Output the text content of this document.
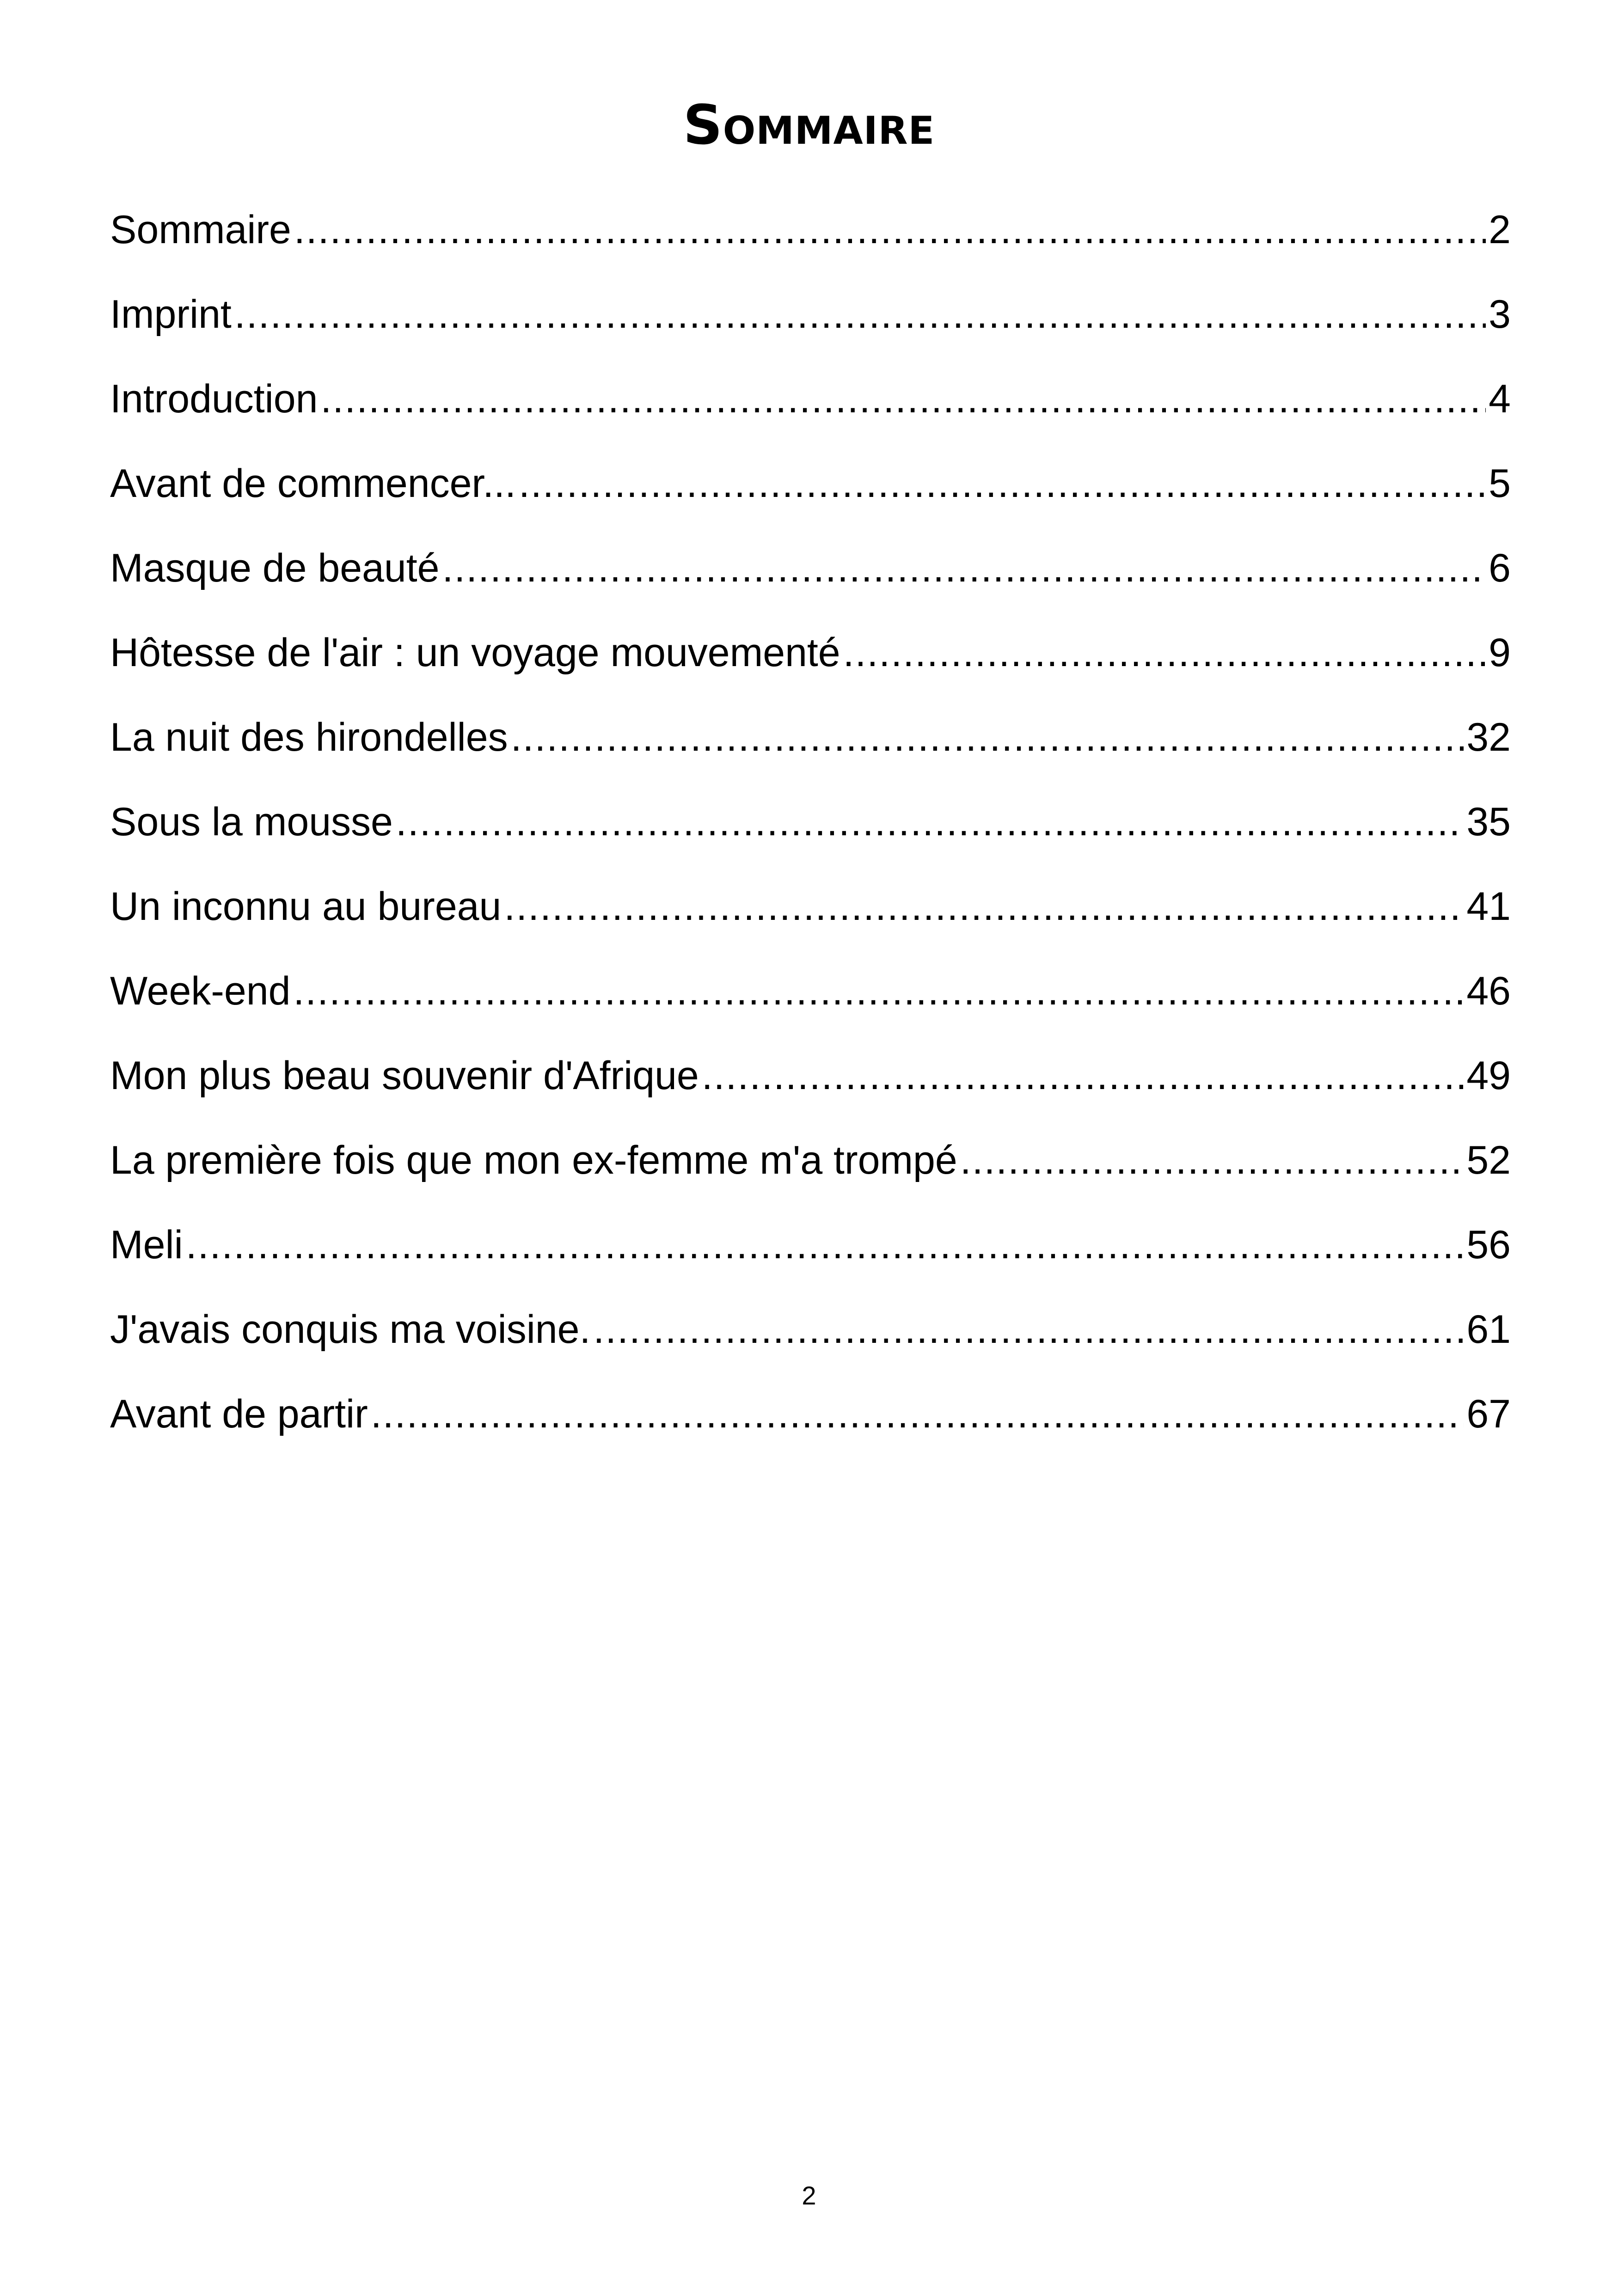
Sommaire
Sommaire .....	2
Imprint .....	3
Introduction .....	4
Avant de commencer... .....	5
Masque de beauté .....	6
Hôtesse de l'air : un voyage mouvementé .....	9
La nuit des hirondelles .....	32
Sous la mousse .....	35
Un inconnu au bureau .....	41
Week-end .....	46
Mon plus beau souvenir d'Afrique .....	49
La première fois que mon ex-femme m'a trompé .....	52
Meli .....	56
J'avais conquis ma voisine. .....	61
Avant de partir .....	67
2
